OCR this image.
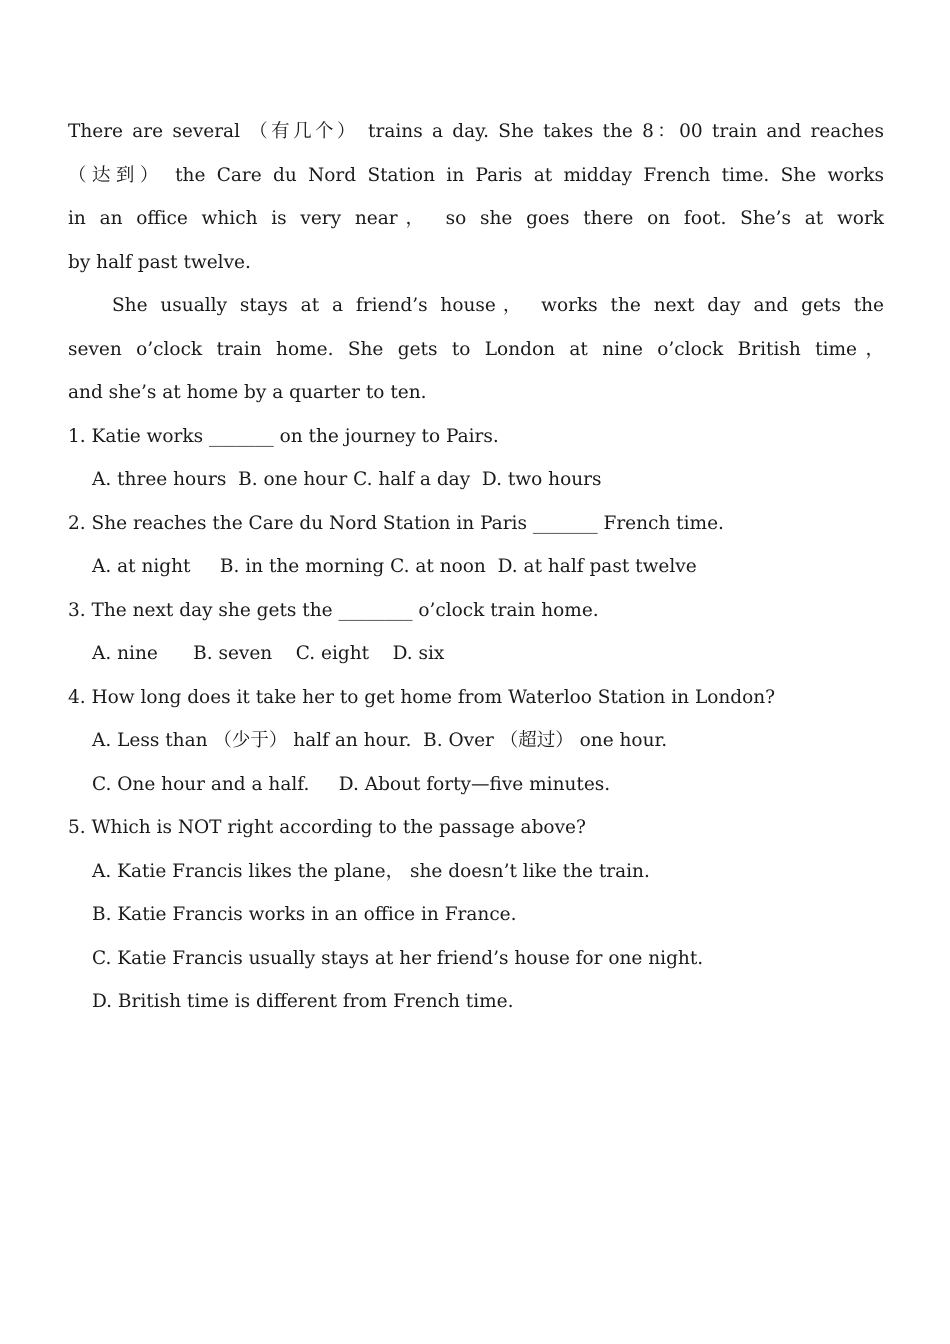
There are several （有几个） trains a day. She takes the 8：00 train and reaches
（达到） the Care du Nord Station in Paris at midday French time. She works
in an office which is very near， so she goes there on foot. She’s at work
by half past twelve.
She usually stays at a friend’s house， works the next day and gets the
seven o’clock train home. She gets to London at nine o’clock British time，
and she’s at home by a quarter to ten.
1. Katie works _______ on the journey to Pairs.
A. three hours  B. one hour C. half a day  D. two hours
2. She reaches the Care du Nord Station in Paris _______ French time.
A. at night     B. in the morning C. at noon  D. at half past twelve
3. The next day she gets the ________ o’clock train home.
A. nine      B. seven    C. eight    D. six
4. How long does it take her to get home from Waterloo Station in London?
A. Less than （少于） half an hour.  B. Over （超过） one hour.
C. One hour and a half.     D. About forty—five minutes.
5. Which is NOT right according to the passage above?
A. Katie Francis likes the plane， she doesn’t like the train.
B. Katie Francis works in an office in France.
C. Katie Francis usually stays at her friend’s house for one night.
D. British time is different from French time.
